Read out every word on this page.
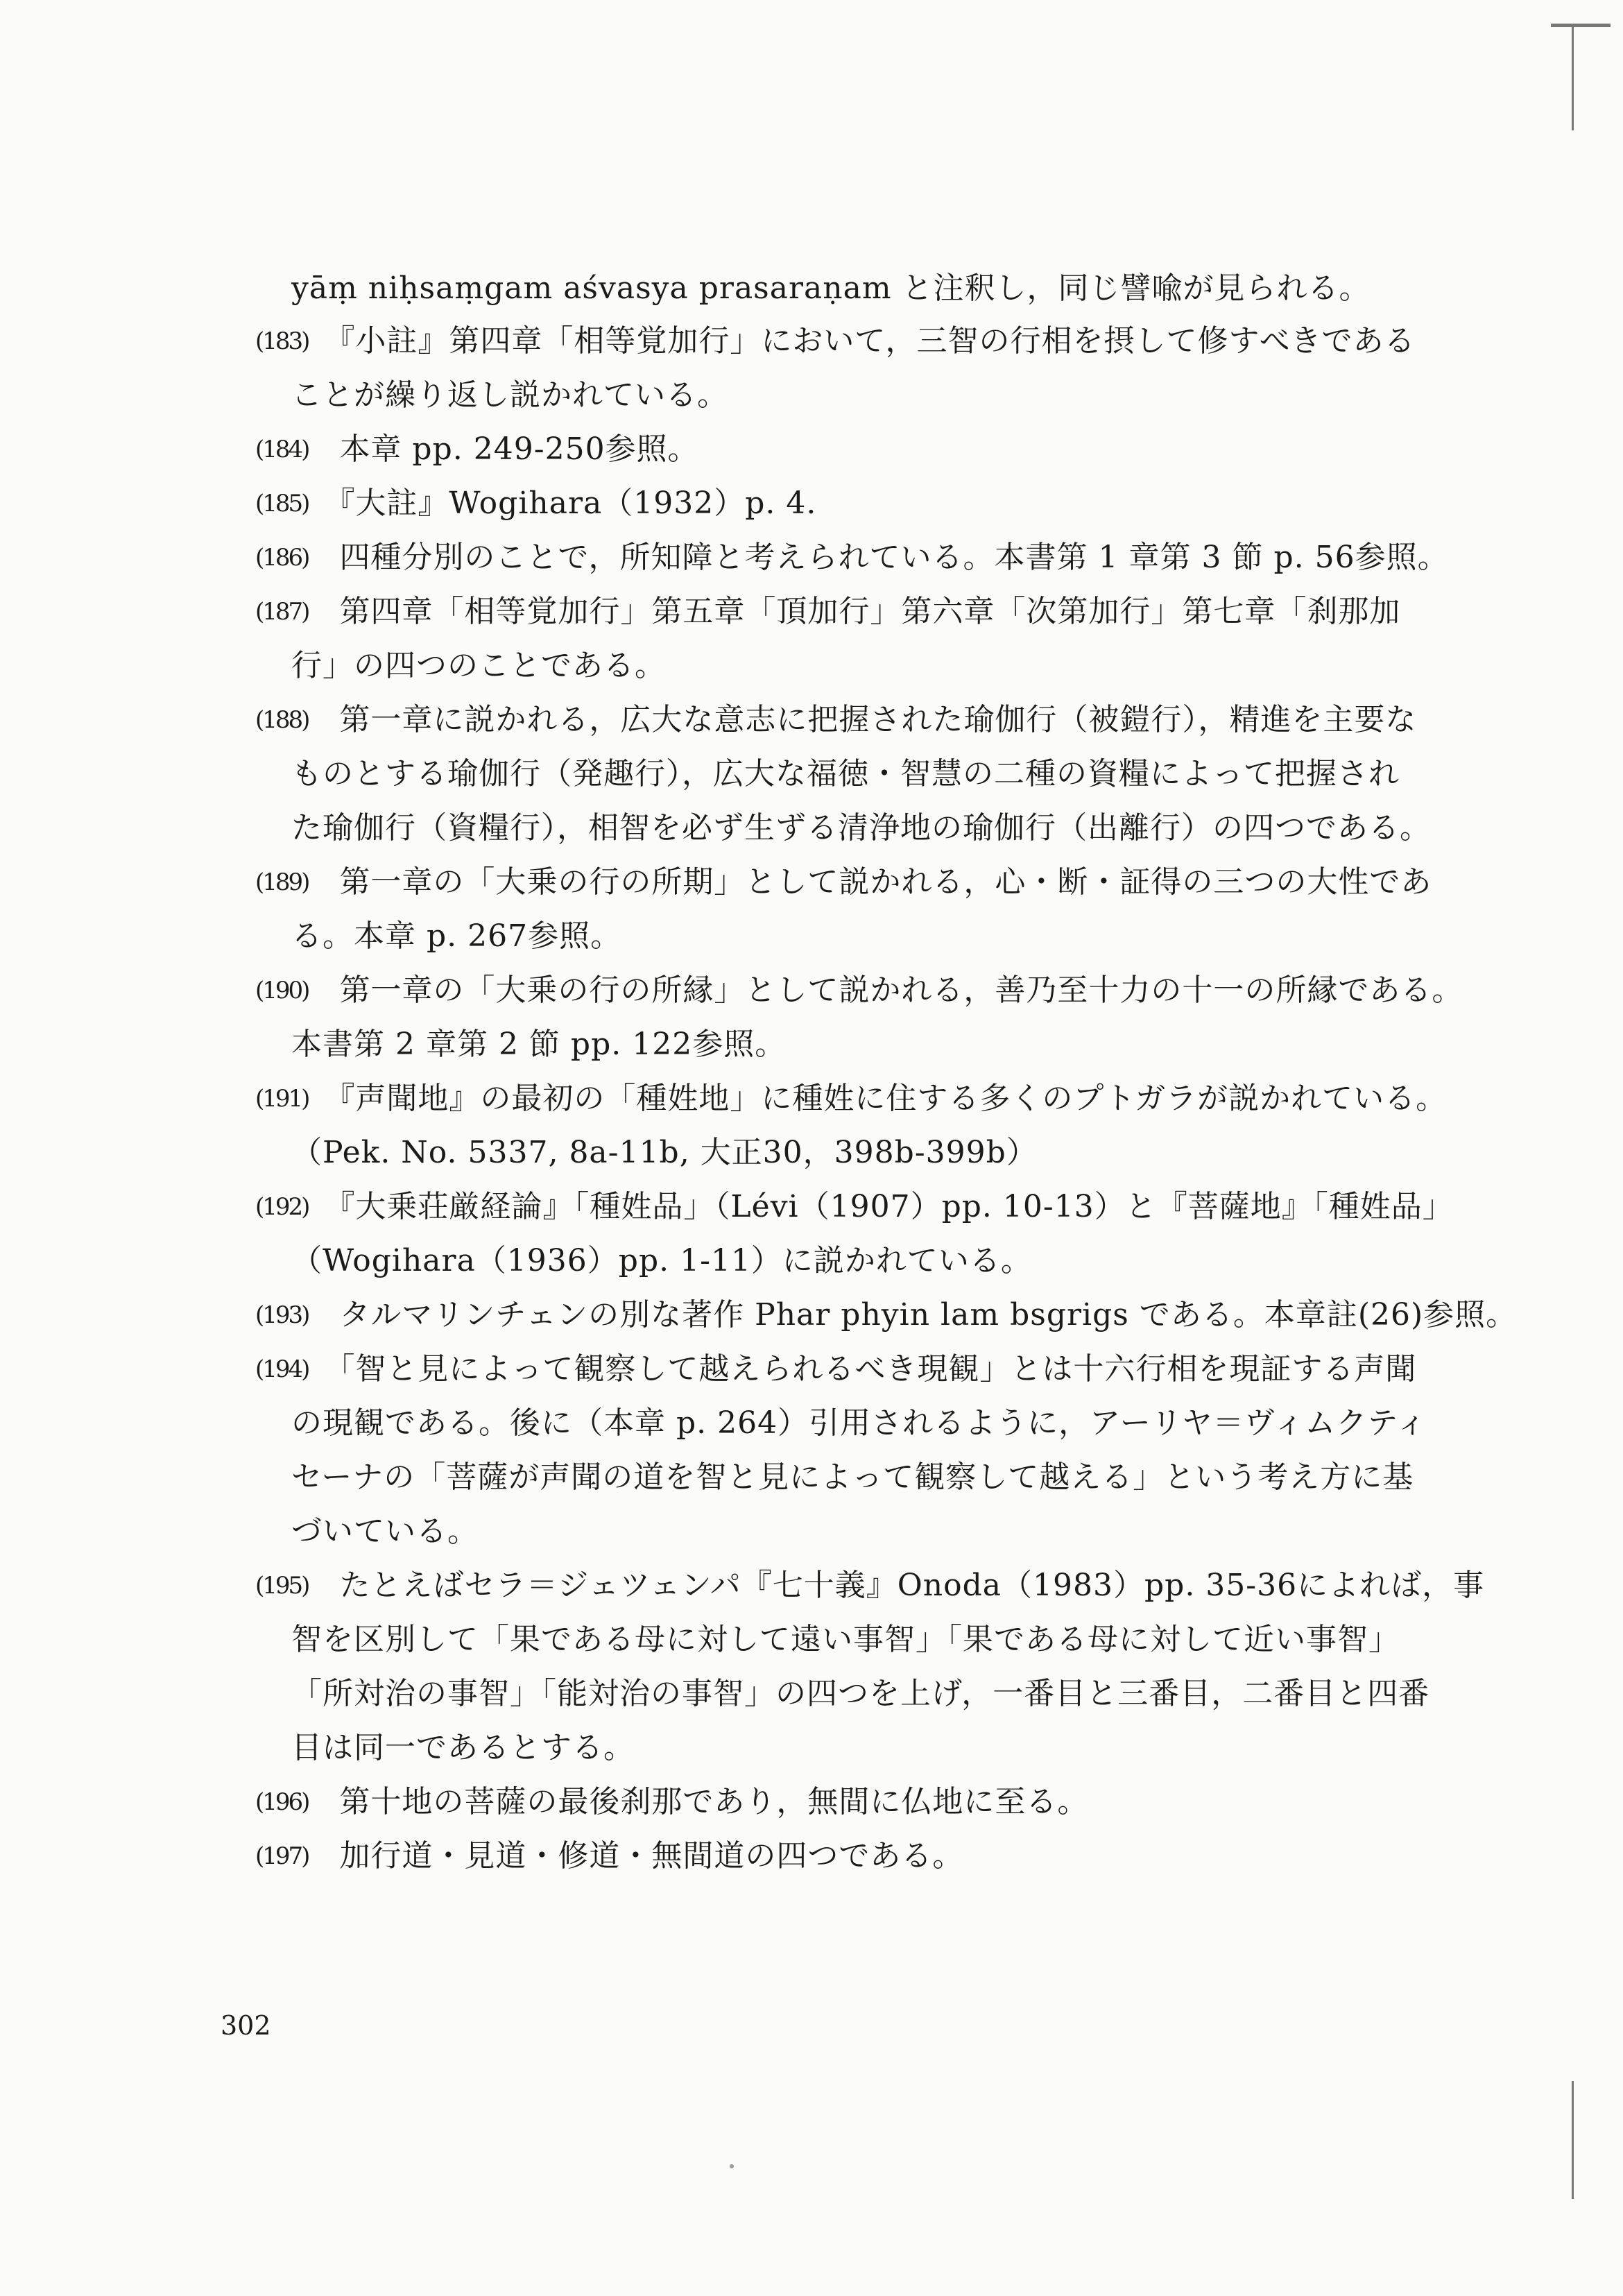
yāṃ niḥsaṃgam aśvasya prasaraṇam と注釈し，同じ譬喩が見られる。
(183)　 『小註』第四章「相等覚加行」において，三智の行相を摂して修すべきである
ことが繰り返し説かれている。
(184)　 本章 pp. 249-250参照。
(185)　 『大註』Wogihara（1932）p. 4.
(186)　 四種分別のことで，所知障と考えられている。本書第 1 章第 3 節 p. 56参照。
(187)　 第四章「相等覚加行」第五章「頂加行」第六章「次第加行」第七章「刹那加
行」の四つのことである。
(188)　 第一章に説かれる，広大な意志に把握された瑜伽行（被鎧行），精進を主要な
ものとする瑜伽行（発趣行），広大な福徳・智慧の二種の資糧によって把握され
た瑜伽行（資糧行），相智を必ず生ずる清浄地の瑜伽行（出離行）の四つである。
(189)　 第一章の「大乗の行の所期」として説かれる，心・断・証得の三つの大性であ
る。本章 p. 267参照。
(190)　 第一章の「大乗の行の所縁」として説かれる，善乃至十力の十一の所縁である。
本書第 2 章第 2 節 pp. 122参照。
(191)　 『声聞地』の最初の「種姓地」に種姓に住する多くのプトガラが説かれている。
（Pek. No. 5337, 8a-11b, 大正30，398b-399b）
(192)　 『大乗荘厳経論』「種姓品」（Lévi（1907）pp. 10-13）と『菩薩地』「種姓品」
（Wogihara（1936）pp. 1-11）に説かれている。
(193)　 タルマリンチェンの別な著作 Phar phyin lam bsgrigs である。本章註(26)参照。
(194)　 「智と見によって観察して越えられるべき現観」とは十六行相を現証する声聞
の現観である。後に（本章 p. 264）引用されるように，アーリヤ＝ヴィムクティ
セーナの「菩薩が声聞の道を智と見によって観察して越える」という考え方に基
づいている。
(195)　 たとえばセラ＝ジェツェンパ『七十義』Onoda（1983）pp. 35-36によれば，事
智を区別して「果である母に対して遠い事智」「果である母に対して近い事智」
「所対治の事智」「能対治の事智」の四つを上げ，一番目と三番目，二番目と四番
目は同一であるとする。
(196)　 第十地の菩薩の最後刹那であり，無間に仏地に至る。
(197)　 加行道・見道・修道・無間道の四つである。
302
